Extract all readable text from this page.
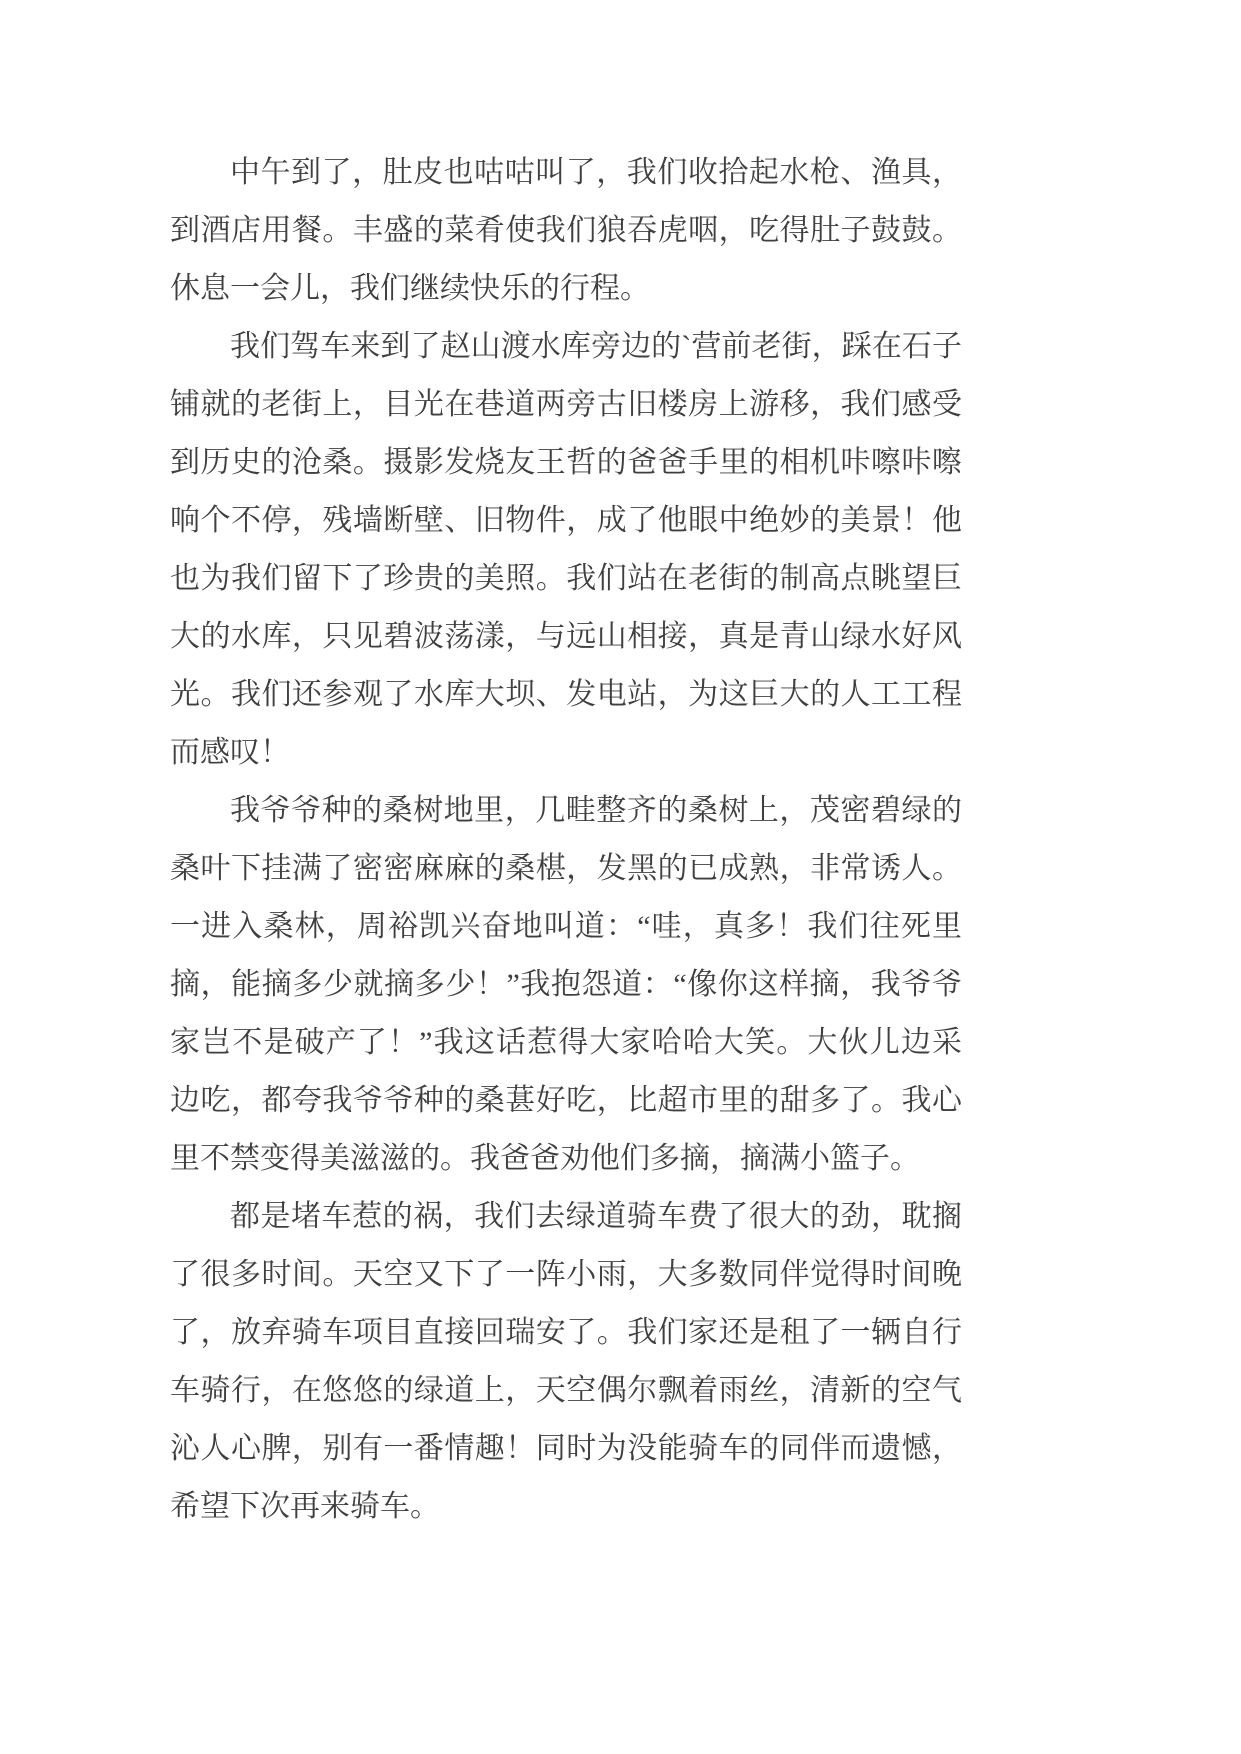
中午到了，肚皮也咕咕叫了，我们收拾起水枪、渔具，到酒店用餐。丰盛的菜肴使我们狼吞虎咽，吃得肚子鼓鼓。休息一会儿，我们继续快乐的行程。

我们驾车来到了赵山渡水库旁边的`营前老街，踩在石子铺就的老街上，目光在巷道两旁古旧楼房上游移，我们感受到历史的沧桑。摄影发烧友王哲的爸爸手里的相机咔嚓咔嚓响个不停，残墙断壁、旧物件，成了他眼中绝妙的美景！他也为我们留下了珍贵的美照。我们站在老街的制高点眺望巨大的水库，只见碧波荡漾，与远山相接，真是青山绿水好风光。我们还参观了水库大坝、发电站，为这巨大的人工工程而感叹！

我爷爷种的桑树地里，几畦整齐的桑树上，茂密碧绿的桑叶下挂满了密密麻麻的桑椹，发黑的已成熟，非常诱人。一进入桑林，周裕凯兴奋地叫道：“哇，真多！我们往死里摘，能摘多少就摘多少！”我抱怨道：“像你这样摘，我爷爷家岂不是破产了！”我这话惹得大家哈哈大笑。大伙儿边采边吃，都夸我爷爷种的桑葚好吃，比超市里的甜多了。我心里不禁变得美滋滋的。我爸爸劝他们多摘，摘满小篮子。

都是堵车惹的祸，我们去绿道骑车费了很大的劲，耽搁了很多时间。天空又下了一阵小雨，大多数同伴觉得时间晚了，放弃骑车项目直接回瑞安了。我们家还是租了一辆自行车骑行，在悠悠的绿道上，天空偶尔飘着雨丝，清新的空气沁人心脾，别有一番情趣！同时为没能骑车的同伴而遗憾，希望下次再来骑车。
